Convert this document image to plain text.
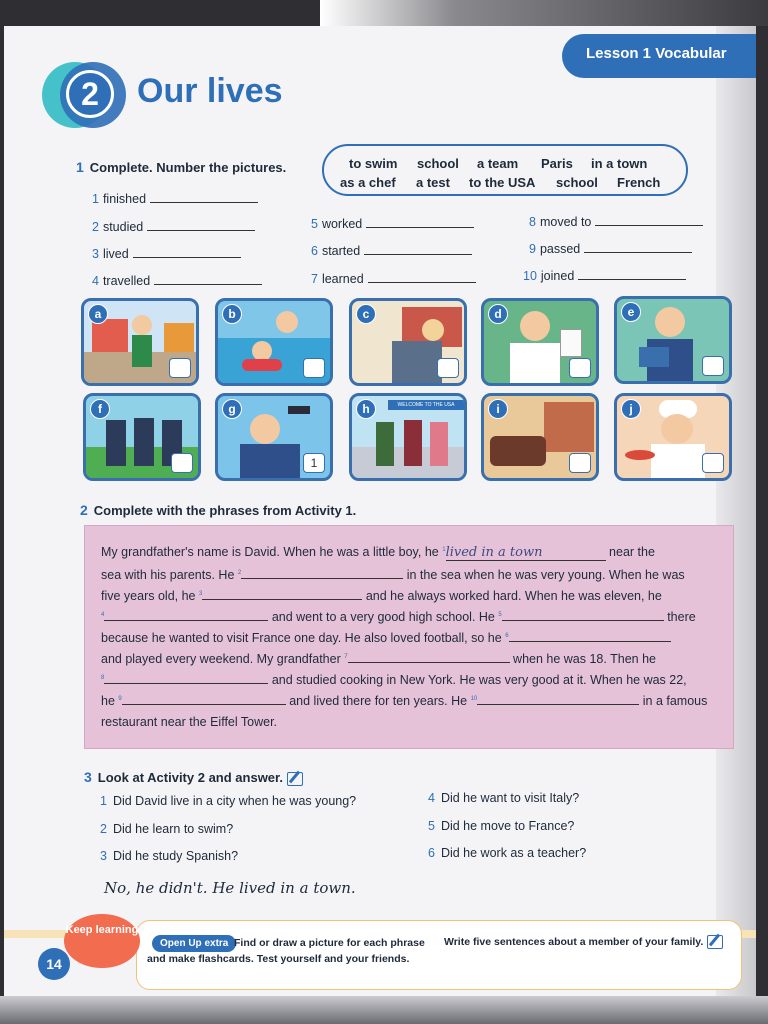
Lesson 1 Vocabular
2	Our lives
1 Complete. Number the pictures.	to swim school a team Paris in a town
as a chef a test to the USA school French
1 finished
2 studied
3 lived
4 travelled
5 worked
6 started
7 learned
8 moved to
9 passed
10 joined
a	b	c	d	e
f	g
1
h	WELCOME TO THE USA	i	j
2 Complete with the phrases from Activity 1.
My grandfather's name is David. When he was a little boy, he $^1$lived in a town	near the
sea with his parents. He $^2$	in the sea when he was very young. When he was
five years old, he $^3$	and he always worked hard. When he was eleven, he
$^4$	and went to a very good high school. He $^5$	there
because he wanted to visit France one day. He also loved football, so he $^6$
and played every weekend. My grandfather $^7$	when he was 18. Then he
$^8$	and studied cooking in New York. He was very good at it. When he was 22,
he $^9$	and lived there for ten years. He $^{10}$	in a famous
restaurant near the Eiffel Tower.
3 Look at Activity 2 and answer.
1 Did David live in a city when he was young?
2 Did he learn to swim?
3 Did he study Spanish?
4 Did he want to visit Italy?
5 Did he move to France?
6 Did he work as a teacher?
No, he didn't. He lived in a town.
Keep learning
14
Open Up extra Find or draw a picture for each phrase
and make flashcards. Test yourself and your friends.
Write five sentences about a member of your family.
